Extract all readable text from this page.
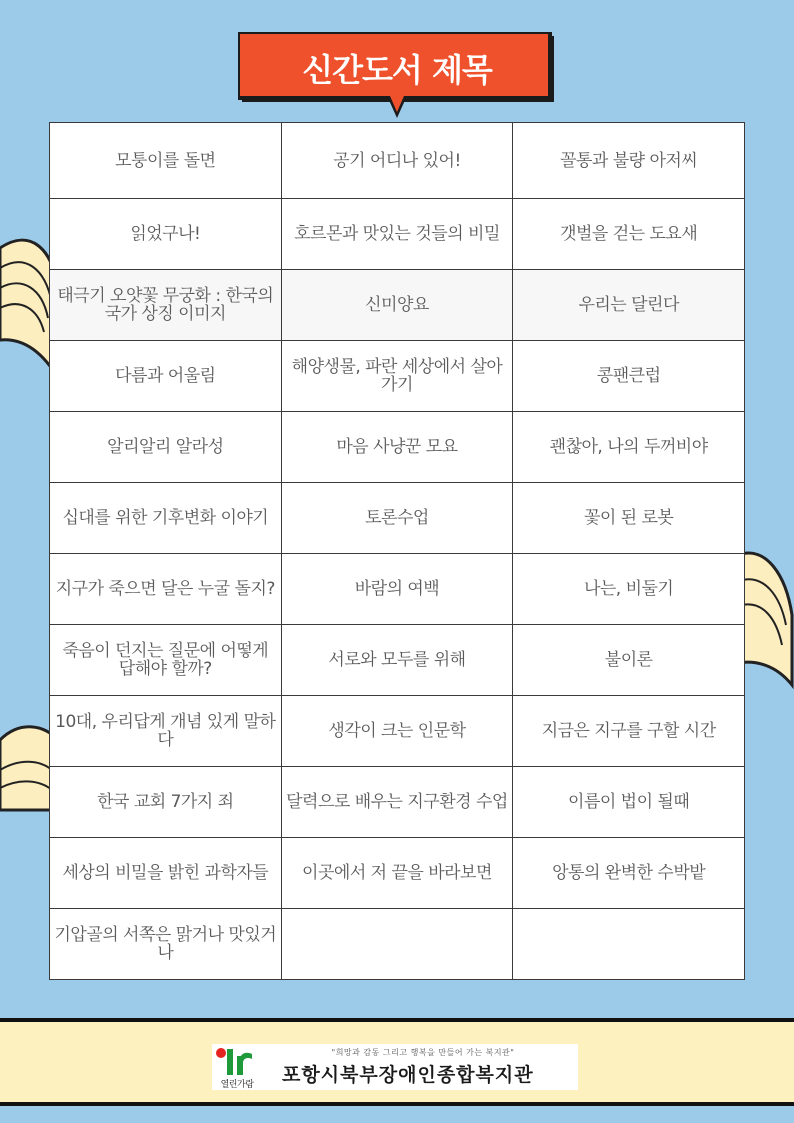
신간도서 제목
모퉁이를 돌면	공기 어디나 있어!	꼴통과 불량 아저씨
읽었구나!	호르몬과 맛있는 것들의 비밀	갯벌을 걷는 도요새
태극기 오얏꽃 무궁화 : 한국의 국가 상징 이미지	신미양요	우리는 달린다
다름과 어울림	해양생물, 파란 세상에서 살아가기	콩팬큰럽
알리알리 알라성	마음 사냥꾼 모요	괜찮아, 나의 두꺼비야
십대를 위한 기후변화 이야기	토론수업	꽃이 된 로봇
지구가 죽으면 달은 누굴 돌지?	바람의 여백	나는, 비둘기
죽음이 던지는 질문에 어떻게 답해야 할까?	서로와 모두를 위해	불이론
10대, 우리답게 개념 있게 말하다	생각이 크는 인문학	지금은 지구를 구할 시간
한국 교회 7가지 죄	달력으로 배우는 지구환경 수업	이름이 법이 될때
세상의 비밀을 밝힌 과학자들	이곳에서 저 끝을 바라보면	앙통의 완벽한 수박밭
기압골의 서쪽은 맑거나 맛있거나		
열린가람
"희망과 감동 그리고 행복을 만들어 가는 복지관"
포항시북부장애인종합복지관
